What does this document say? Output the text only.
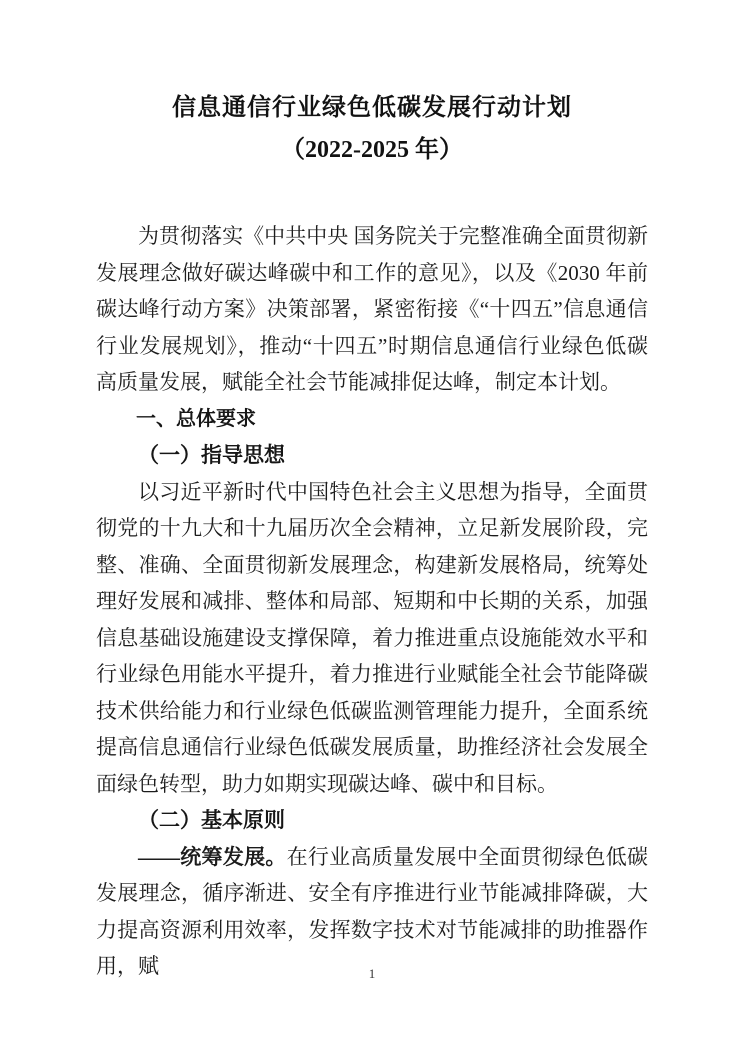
信息通信行业绿色低碳发展行动计划
（2022-2025 年）

为贯彻落实《中共中央 国务院关于完整准确全面贯彻新发展理念做好碳达峰碳中和工作的意见》，以及《2030 年前碳达峰行动方案》决策部署，紧密衔接《“十四五”信息通信行业发展规划》，推动“十四五”时期信息通信行业绿色低碳高质量发展，赋能全社会节能减排促达峰，制定本计划。

一、总体要求
（一）指导思想

以习近平新时代中国特色社会主义思想为指导，全面贯彻党的十九大和十九届历次全会精神，立足新发展阶段，完整、准确、全面贯彻新发展理念，构建新发展格局，统筹处理好发展和减排、整体和局部、短期和中长期的关系，加强信息基础设施建设支撑保障，着力推进重点设施能效水平和行业绿色用能水平提升，着力推进行业赋能全社会节能降碳技术供给能力和行业绿色低碳监测管理能力提升，全面系统提高信息通信行业绿色低碳发展质量，助推经济社会发展全面绿色转型，助力如期实现碳达峰、碳中和目标。

（二）基本原则

——统筹发展。在行业高质量发展中全面贯彻绿色低碳发展理念，循序渐进、安全有序推进行业节能减排降碳，大力提高资源利用效率，发挥数字技术对节能减排的助推器作用，赋	1
